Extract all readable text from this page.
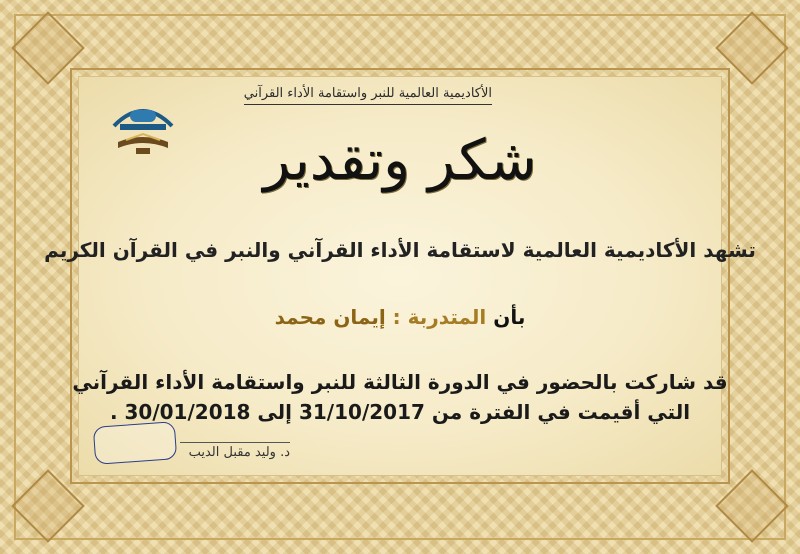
الأكاديمية العالمية للنبر واستقامة الأداء القرآني
شكر وتقدير
تشهد الأكاديمية العالمية لاستقامة الأداء القرآني والنبر في القرآن الكريم
بأن المتدربة : إيمان محمد
قد شاركت بالحضور في الدورة الثالثة للنبر واستقامة الأداء القرآني
التي أقيمت في الفترة من 31/10/2017 إلى 30/01/2018 .
د. وليد مقبل الديب
